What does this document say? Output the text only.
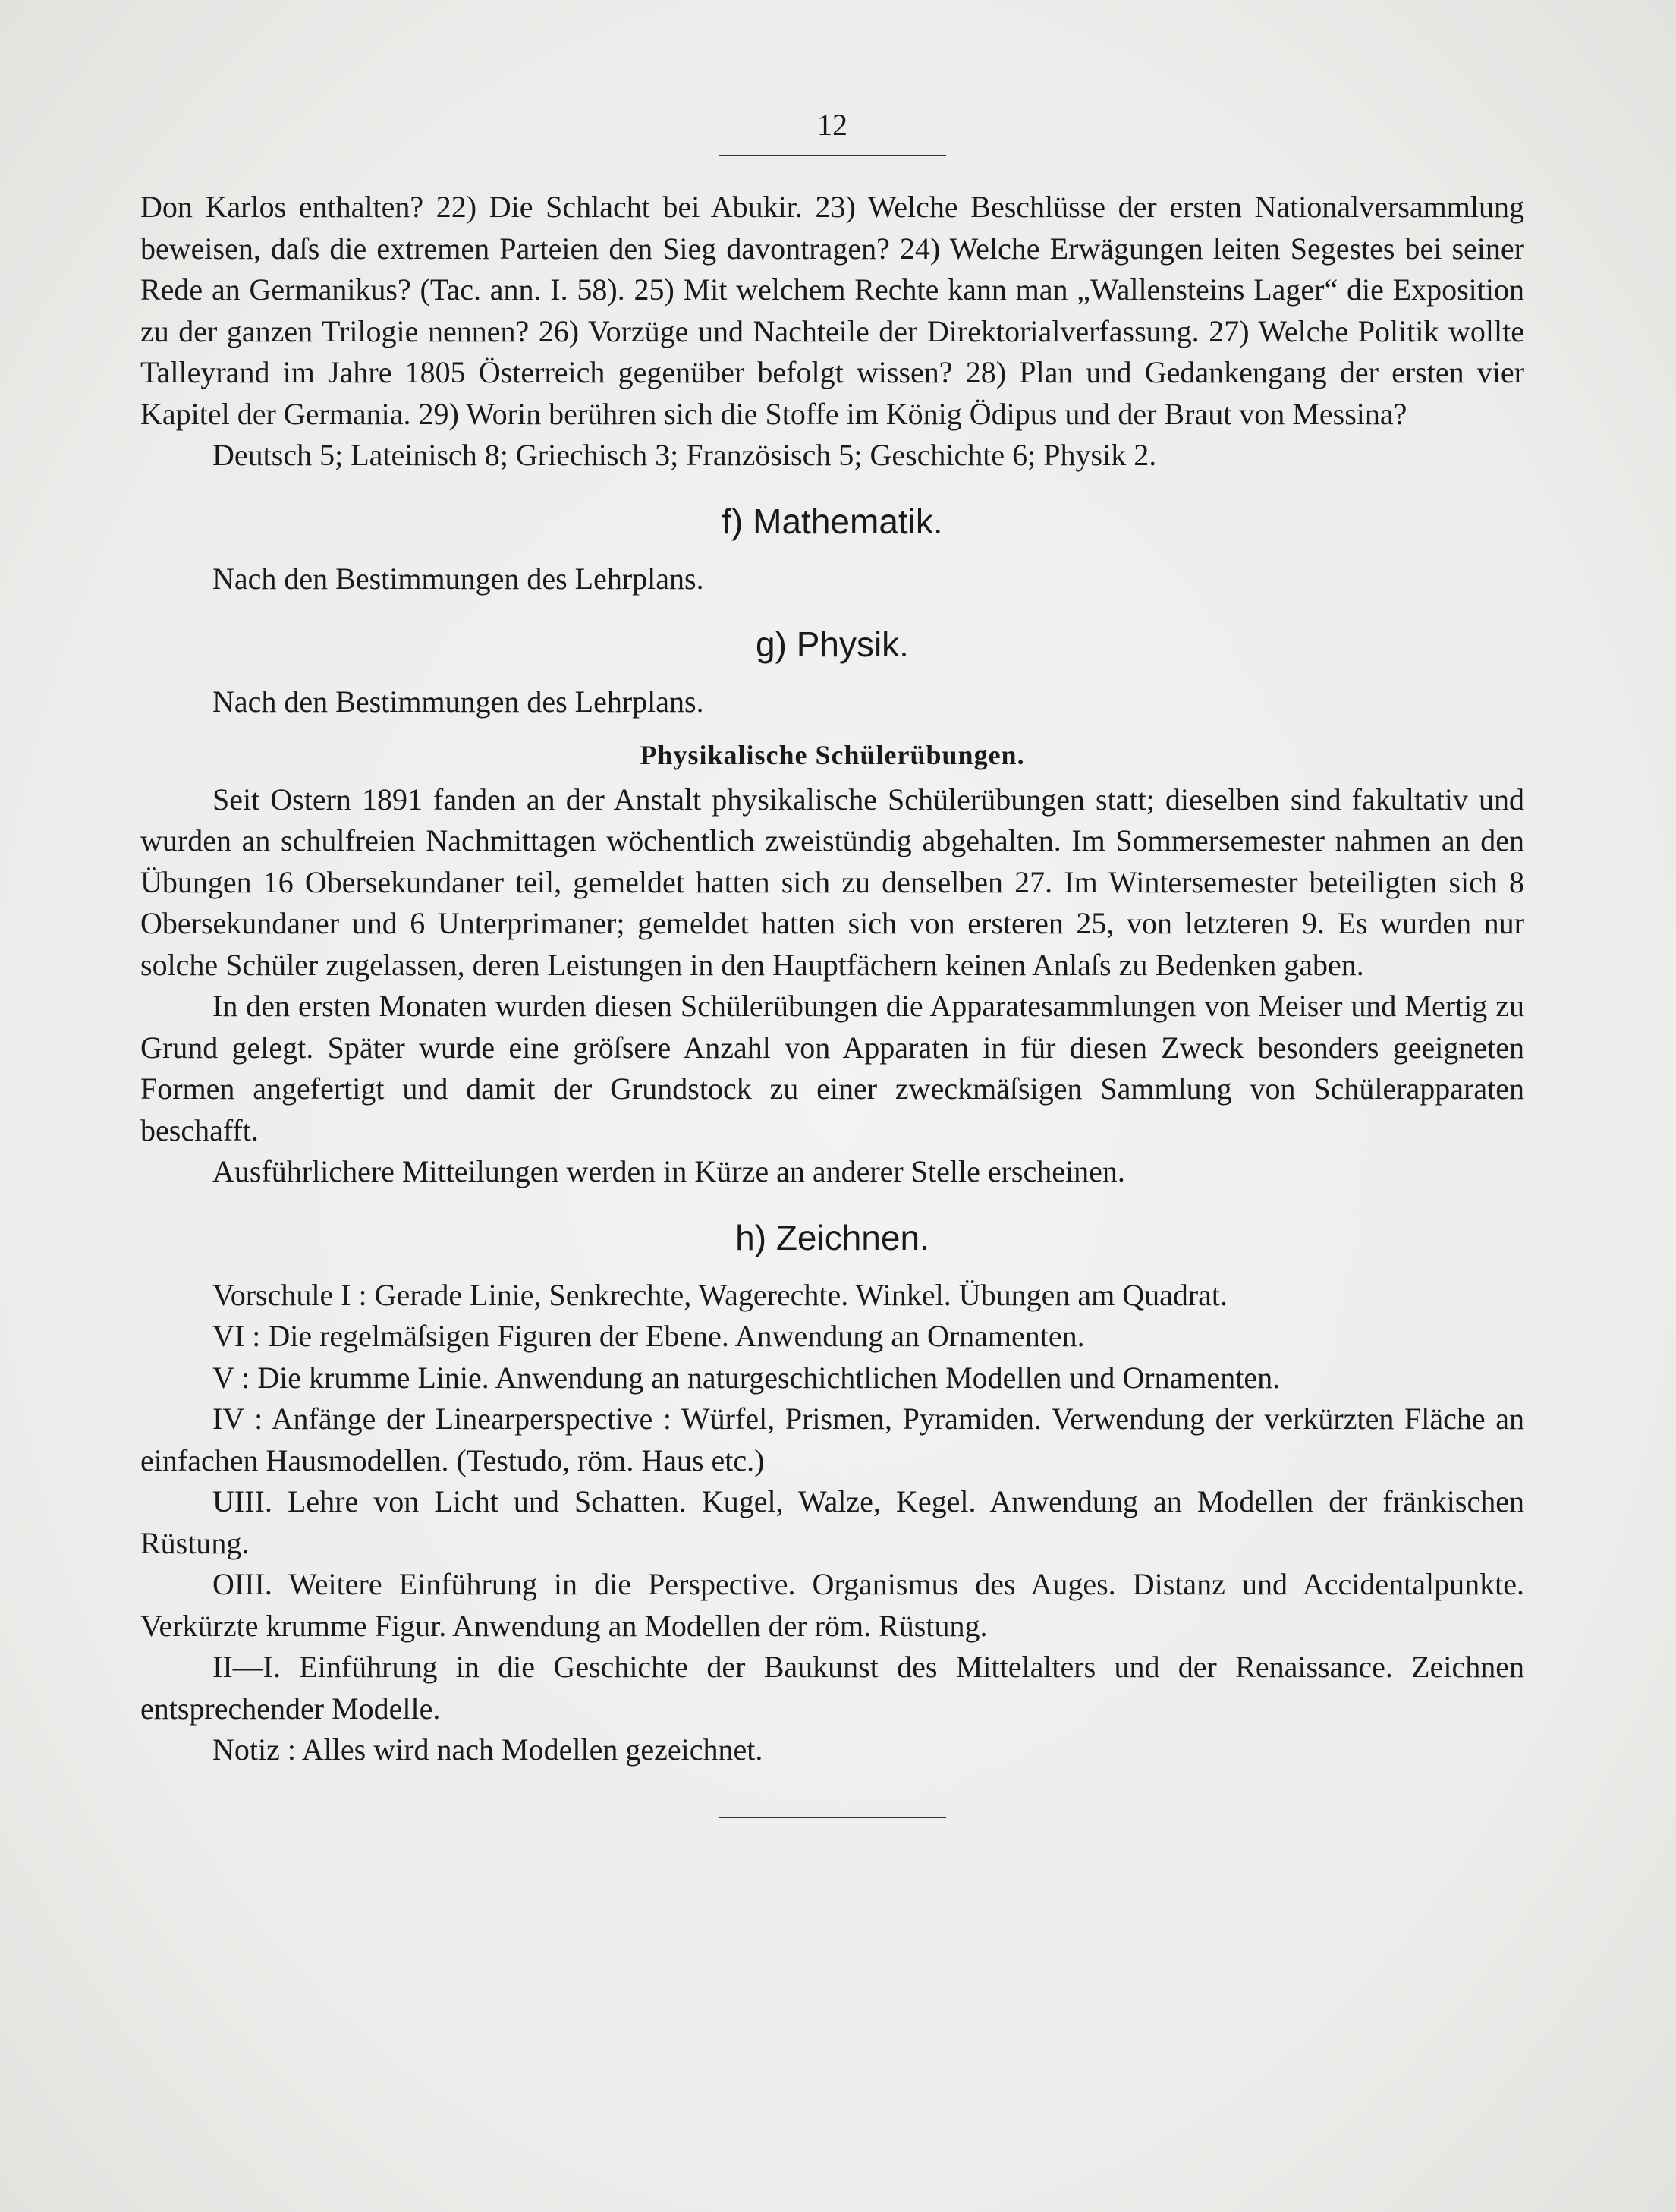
12

Don Karlos enthalten? 22) Die Schlacht bei Abukir. 23) Welche Beschlüsse der ersten Nationalversammlung beweisen, daſs die extremen Parteien den Sieg davontragen? 24) Welche Erwägungen leiten Segestes bei seiner Rede an Germanikus? (Tac. ann. I. 58). 25) Mit welchem Rechte kann man „Wallensteins Lager“ die Exposition zu der ganzen Trilogie nennen? 26) Vorzüge und Nachteile der Direktorialverfassung. 27) Welche Politik wollte Talleyrand im Jahre 1805 Österreich gegenüber befolgt wissen? 28) Plan und Gedankengang der ersten vier Kapitel der Germania. 29) Worin berühren sich die Stoffe im König Ödipus und der Braut von Messina?

Deutsch 5; Lateinisch 8; Griechisch 3; Französisch 5; Geschichte 6; Physik 2.

f) Mathematik.

Nach den Bestimmungen des Lehrplans.

g) Physik.

Nach den Bestimmungen des Lehrplans.

Physikalische Schülerübungen.

Seit Ostern 1891 fanden an der Anstalt physikalische Schülerübungen statt; dieselben sind fakultativ und wurden an schulfreien Nachmittagen wöchentlich zweistündig abgehalten. Im Sommersemester nahmen an den Übungen 16 Obersekundaner teil, gemeldet hatten sich zu denselben 27. Im Wintersemester beteiligten sich 8 Obersekundaner und 6 Unterprimaner; gemeldet hatten sich von ersteren 25, von letzteren 9. Es wurden nur solche Schüler zugelassen, deren Leistungen in den Hauptfächern keinen Anlaſs zu Bedenken gaben.

In den ersten Monaten wurden diesen Schülerübungen die Apparatesammlungen von Meiser und Mertig zu Grund gelegt. Später wurde eine gröſsere Anzahl von Apparaten in für diesen Zweck besonders geeigneten Formen angefertigt und damit der Grundstock zu einer zweckmäſsigen Sammlung von Schülerapparaten beschafft.

Ausführlichere Mitteilungen werden in Kürze an anderer Stelle erscheinen.

h) Zeichnen.

Vorschule I : Gerade Linie, Senkrechte, Wagerechte. Winkel. Übungen am Quadrat.

VI : Die regelmäſsigen Figuren der Ebene. Anwendung an Ornamenten.

V : Die krumme Linie. Anwendung an naturgeschichtlichen Modellen und Ornamenten.

IV : Anfänge der Linearperspective : Würfel, Prismen, Pyramiden. Verwendung der verkürzten Fläche an einfachen Hausmodellen. (Testudo, röm. Haus etc.)

UIII. Lehre von Licht und Schatten. Kugel, Walze, Kegel. Anwendung an Modellen der fränkischen Rüstung.

OIII. Weitere Einführung in die Perspective. Organismus des Auges. Distanz und Accidentalpunkte. Verkürzte krumme Figur. Anwendung an Modellen der röm. Rüstung.

II—I. Einführung in die Geschichte der Baukunst des Mittelalters und der Renaissance. Zeichnen entsprechender Modelle.

Notiz : Alles wird nach Modellen gezeichnet.
